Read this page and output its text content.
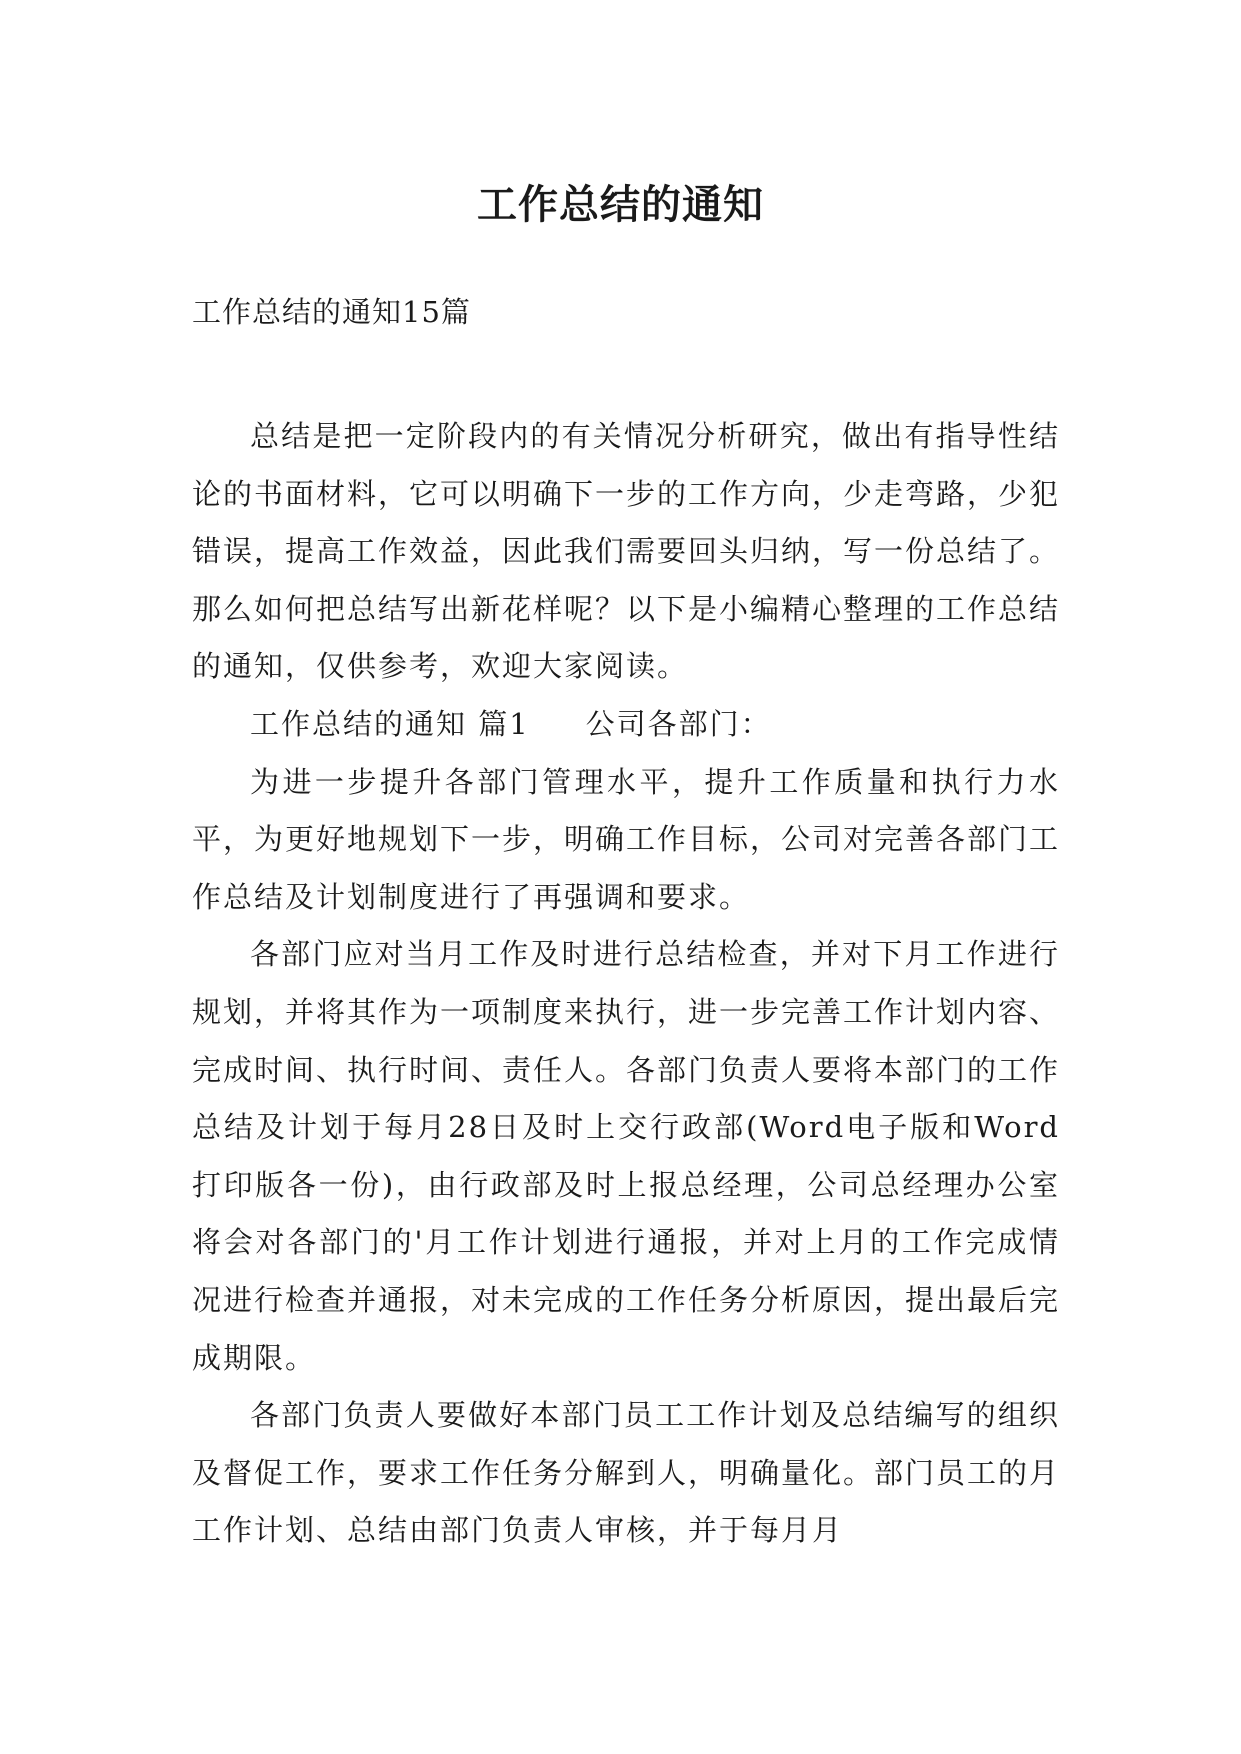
工作总结的通知
工作总结的通知15篇

总结是把一定阶段内的有关情况分析研究，做出有指导性结论的书面材料，它可以明确下一步的工作方向，少走弯路，少犯错误，提高工作效益，因此我们需要回头归纳，写一份总结了。那么如何把总结写出新花样呢？以下是小编精心整理的工作总结的通知，仅供参考，欢迎大家阅读。

工作总结的通知 篇1 公司各部门：

为进一步提升各部门管理水平，提升工作质量和执行力水平，为更好地规划下一步，明确工作目标，公司对完善各部门工作总结及计划制度进行了再强调和要求。

各部门应对当月工作及时进行总结检查，并对下月工作进行规划，并将其作为一项制度来执行，进一步完善工作计划内容、完成时间、执行时间、责任人。各部门负责人要将本部门的工作总结及计划于每月28日及时上交行政部(Word电子版和Word打印版各一份)，由行政部及时上报总经理，公司总经理办公室将会对各部门的'月工作计划进行通报，并对上月的工作完成情况进行检查并通报，对未完成的工作任务分析原因，提出最后完成期限。

各部门负责人要做好本部门员工工作计划及总结编写的组织及督促工作，要求工作任务分解到人，明确量化。部门员工的月工作计划、总结由部门负责人审核，并于每月月
